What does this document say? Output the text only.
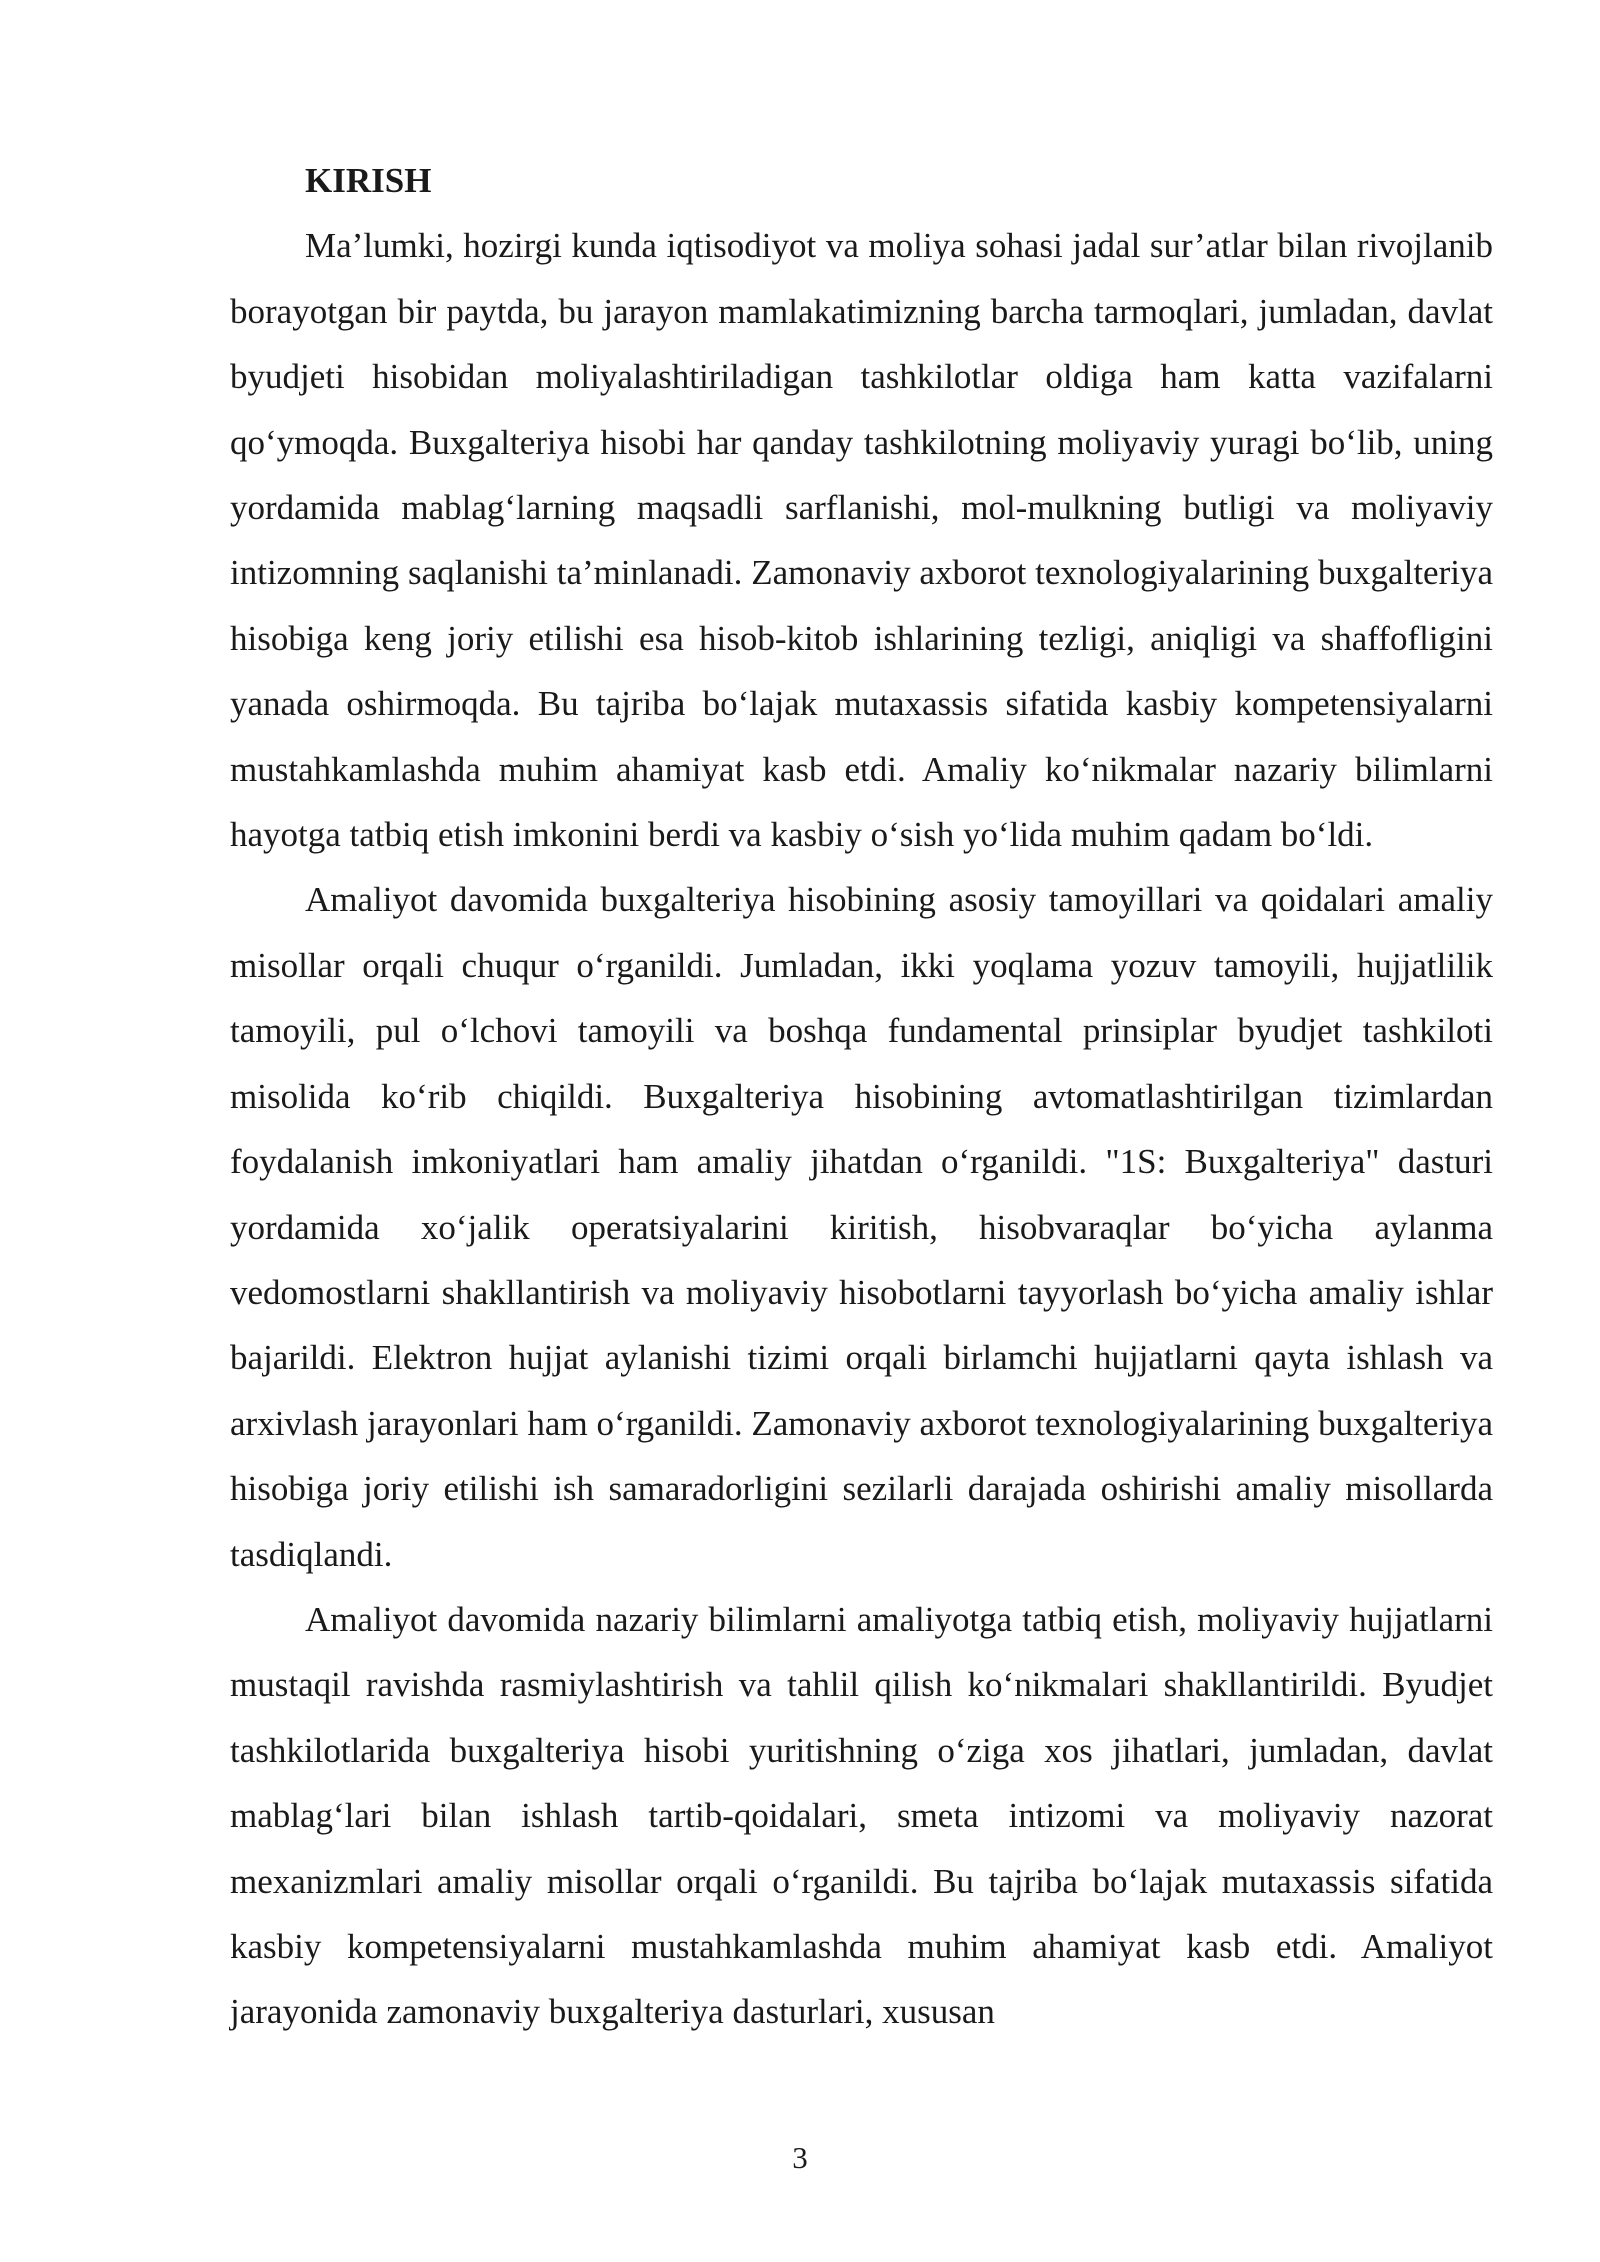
KIRISH

Ma’lumki, hozirgi kunda iqtisodiyot va moliya sohasi jadal sur’atlar bilan rivojlanib borayotgan bir paytda, bu jarayon mamlakatimizning barcha tarmoqlari, jumladan, davlat byudjeti hisobidan moliyalashtiriladigan tashkilotlar oldiga ham katta vazifalarni qo‘ymoqda. Buxgalteriya hisobi har qanday tashkilotning moliyaviy yuragi bo‘lib, uning yordamida mablag‘larning maqsadli sarflanishi, mol-mulkning butligi va moliyaviy intizomning saqlanishi ta’minlanadi. Zamonaviy axborot texnologiyalarining buxgalteriya hisobiga keng joriy etilishi esa hisob-kitob ishlarining tezligi, aniqligi va shaffofligini yanada oshirmoqda. Bu tajriba bo‘lajak mutaxassis sifatida kasbiy kompetensiyalarni mustahkamlashda muhim ahamiyat kasb etdi. Amaliy ko‘nikmalar nazariy bilimlarni hayotga tatbiq etish imkonini berdi va kasbiy o‘sish yo‘lida muhim qadam bo‘ldi.

Amaliyot davomida buxgalteriya hisobining asosiy tamoyillari va qoidalari amaliy misollar orqali chuqur o‘rganildi. Jumladan, ikki yoqlama yozuv tamoyili, hujjatlilik tamoyili, pul o‘lchovi tamoyili va boshqa fundamental prinsiplar byudjet tashkiloti misolida ko‘rib chiqildi. Buxgalteriya hisobining avtomatlashtirilgan tizimlardan foydalanish imkoniyatlari ham amaliy jihatdan o‘rganildi. "1S: Buxgalteriya" dasturi yordamida xo‘jalik operatsiyalarini kiritish, hisobvaraqlar bo‘yicha aylanma vedomostlarni shakllantirish va moliyaviy hisobotlarni tayyorlash bo‘yicha amaliy ishlar bajarildi. Elektron hujjat aylanishi tizimi orqali birlamchi hujjatlarni qayta ishlash va arxivlash jarayonlari ham o‘rganildi. Zamonaviy axborot texnologiyalarining buxgalteriya hisobiga joriy etilishi ish samaradorligini sezilarli darajada oshirishi amaliy misollarda tasdiqlandi.

Amaliyot davomida nazariy bilimlarni amaliyotga tatbiq etish, moliyaviy hujjatlarni mustaqil ravishda rasmiylashtirish va tahlil qilish ko‘nikmalari shakllantirildi. Byudjet tashkilotlarida buxgalteriya hisobi yuritishning o‘ziga xos jihatlari, jumladan, davlat mablag‘lari bilan ishlash tartib-qoidalari, smeta intizomi va moliyaviy nazorat mexanizmlari amaliy misollar orqali o‘rganildi. Bu tajriba bo‘lajak mutaxassis sifatida kasbiy kompetensiyalarni mustahkamlashda muhim ahamiyat kasb etdi. Amaliyot jarayonida zamonaviy buxgalteriya dasturlari, xususan

3
